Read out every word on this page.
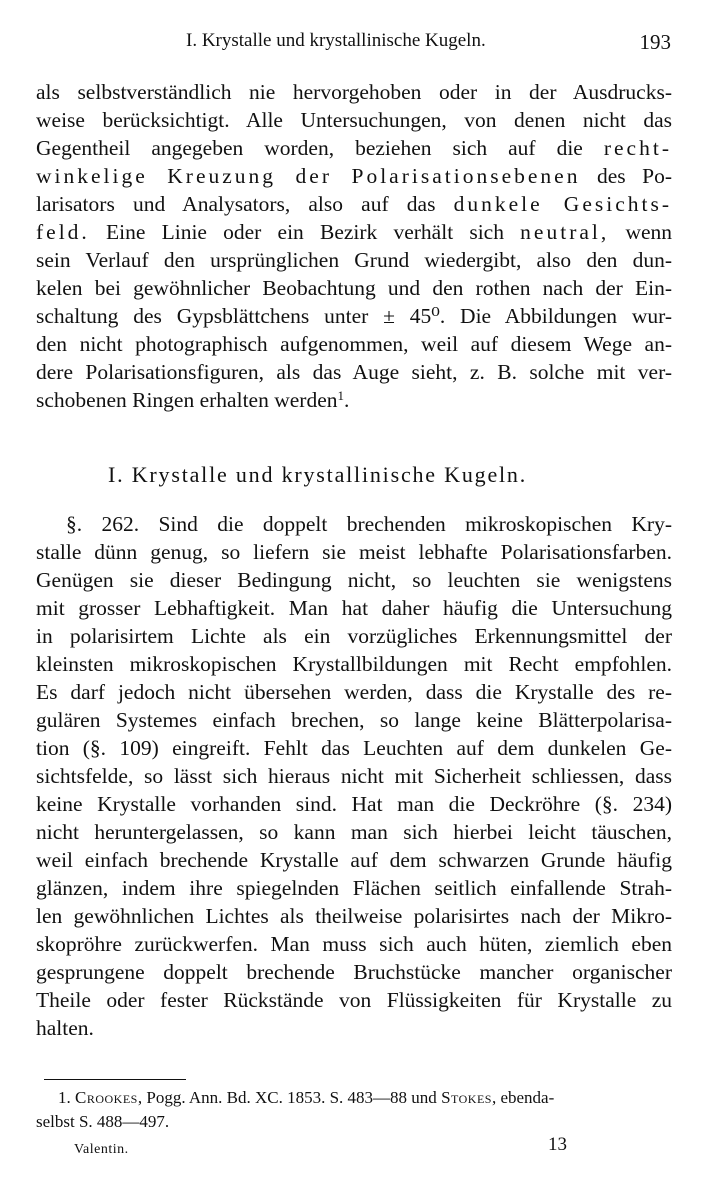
I. Krystalle und krystallinische Kugeln.	193
als selbstverständlich nie hervorgehoben oder in der Ausdrucks-
weise berücksichtigt. Alle Untersuchungen, von denen nicht das
Gegentheil angegeben worden, beziehen sich auf die recht-
winkelige Kreuzung der Polarisationsebenen des Po-
larisators und Analysators, also auf das dunkele Gesichts-
feld. Eine Linie oder ein Bezirk verhält sich neutral, wenn
sein Verlauf den ursprünglichen Grund wiedergibt, also den dun-
kelen bei gewöhnlicher Beobachtung und den rothen nach der Ein-
schaltung des Gypsblättchens unter ± 45⁰. Die Abbildungen wur-
den nicht photographisch aufgenommen, weil auf diesem Wege an-
dere Polarisationsfiguren, als das Auge sieht, z. B. solche mit ver-
schobenen Ringen erhalten werden$^1$.
I. Krystalle und krystallinische Kugeln.
§. 262. Sind die doppelt brechenden mikroskopischen Kry-
stalle dünn genug, so liefern sie meist lebhafte Polarisationsfarben.
Genügen sie dieser Bedingung nicht, so leuchten sie wenigstens
mit grosser Lebhaftigkeit. Man hat daher häufig die Untersuchung
in polarisirtem Lichte als ein vorzügliches Erkennungsmittel der
kleinsten mikroskopischen Krystallbildungen mit Recht empfohlen.
Es darf jedoch nicht übersehen werden, dass die Krystalle des re-
gulären Systemes einfach brechen, so lange keine Blätterpolarisa-
tion (§. 109) eingreift. Fehlt das Leuchten auf dem dunkelen Ge-
sichtsfelde, so lässt sich hieraus nicht mit Sicherheit schliessen, dass
keine Krystalle vorhanden sind. Hat man die Deckröhre (§. 234)
nicht heruntergelassen, so kann man sich hierbei leicht täuschen,
weil einfach brechende Krystalle auf dem schwarzen Grunde häufig
glänzen, indem ihre spiegelnden Flächen seitlich einfallende Strah-
len gewöhnlichen Lichtes als theilweise polarisirtes nach der Mikro-
skopröhre zurückwerfen. Man muss sich auch hüten, ziemlich eben
gesprungene doppelt brechende Bruchstücke mancher organischer
Theile oder fester Rückstände von Flüssigkeiten für Krystalle zu
halten.
1. Crookes, Pogg. Ann. Bd. XC. 1853. S. 483—88 und Stokes, ebenda-
selbst S. 488—497.
Valentin.	13
